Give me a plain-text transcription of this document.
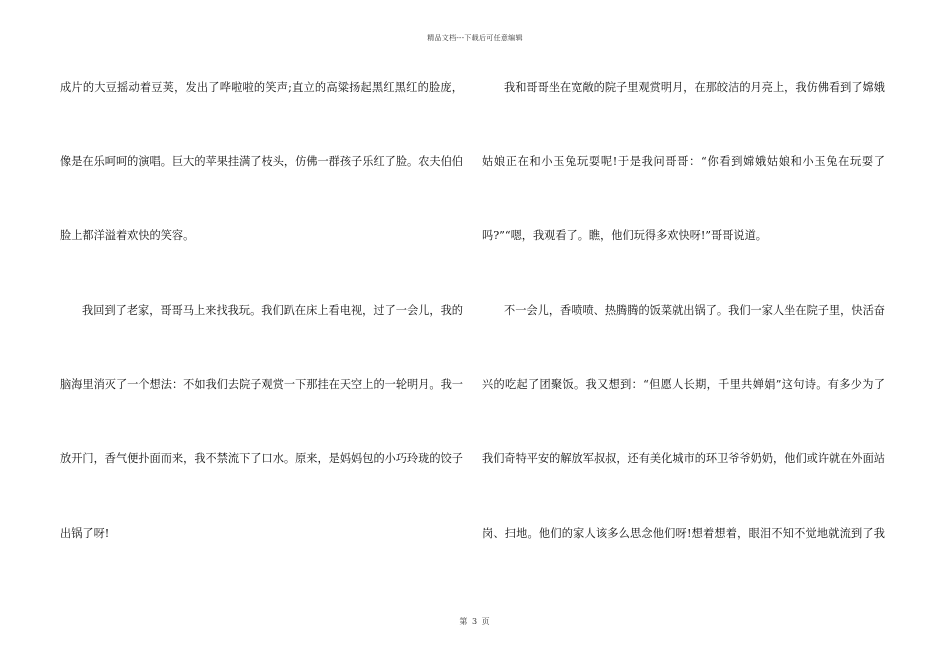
精品文档---下载后可任意编辑
成片的大豆摇动着豆荚，发出了哗啦啦的笑声;直立的高粱扬起黑红黑红的脸庞，
像是在乐呵呵的演唱。巨大的苹果挂满了枝头，仿佛一群孩子乐红了脸。农夫伯伯
脸上都洋溢着欢快的笑容。
我回到了老家，哥哥马上来找我玩。我们趴在床上看电视，过了一会儿，我的
脑海里消灭了一个想法：不如我们去院子观赏一下那挂在天空上的一轮明月。我一
放开门，香气便扑面而来，我不禁流下了口水。原来，是妈妈包的小巧玲珑的饺子
出锅了呀!
我和哥哥坐在宽敞的院子里观赏明月，在那皎洁的月亮上，我仿佛看到了嫦娥
姑娘正在和小玉兔玩耍呢!于是我问哥哥：“你看到嫦娥姑娘和小玉兔在玩耍了
吗?”“嗯，我观看了。瞧，他们玩得多欢快呀!”哥哥说道。
不一会儿，香喷喷、热腾腾的饭菜就出锅了。我们一家人坐在院子里，快活奋
兴的吃起了团聚饭。我又想到：“但愿人长期，千里共婵娟”这句诗。有多少为了
我们奇特平安的解放军叔叔，还有美化城市的环卫爷爷奶奶，他们或许就在外面站
岗、扫地。他们的家人该多么思念他们呀!想着想着，眼泪不知不觉地就流到了我
第 3 页
